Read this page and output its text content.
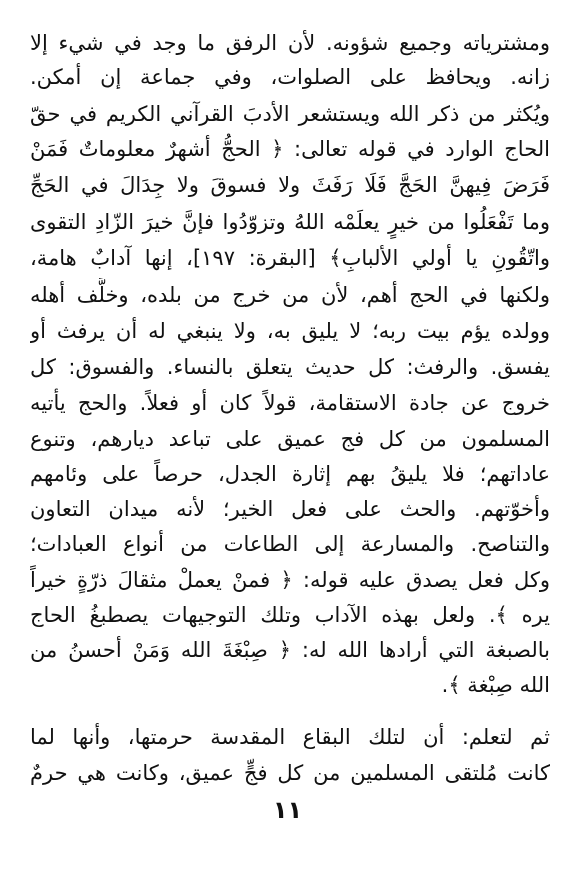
ومشترياته وجميع شؤونه. لأن الرفق ما وجد في شيء إلا
زانه. ويحافظ على الصلوات، وفي جماعة إن أمكن.
ويُكثر من ذكر الله ويستشعر الأدبَ القرآني الكريم في حقّ
الحاج الوارد في قوله تعالى: ﴿ الحجُّ أشهرٌ معلوماتٌ فَمَنْ
فَرَضَ فِيهنَّ الحَجَّ فَلَا رَفَثَ ولا فسوقَ ولا جِدَالَ في الحَجِّ
وما تَفْعَلُوا من خيرٍ يعلَمْه اللهُ وتزوّدُوا فإنَّ خيرَ الزّادِ التقوى
واتّقُونِ يا أولي الألبابِ﴾ [البقرة: ١٩٧]، إنها آدابٌ هامة،
ولكنها في الحج أهم، لأن من خرج من بلده، وخلَّف أهله
وولده يؤم بيت ربه؛ لا يليق به، ولا ينبغي له أن يرفث أو
يفسق. والرفث: كل حديث يتعلق بالنساء. والفسوق: كل
خروج عن جادة الاستقامة، قولاً كان أو فعلاً. والحج يأتيه
المسلمون من كل فج عميق على تباعد ديارهم، وتنوع
عاداتهم؛ فلا يليقُ بهم إثارة الجدل، حرصاً على وئامهم
وأخوّتهم. والحث على فعل الخير؛ لأنه ميدان التعاون
والتناصح. والمسارعة إلى الطاعات من أنواع العبادات؛
وكل فعل يصدق عليه قوله: ﴿ فمنْ يعملْ مثقالَ ذرّةٍ خيراً
يره ﴾. ولعل بهذه الآداب وتلك التوجيهات يصطبغُ الحاج
بالصبغة التي أرادها الله له: ﴿ صِبْغَةَ الله وَمَنْ أحسنُ من
الله صِبْغة ﴾.
ثم لتعلم: أن لتلك البقاع المقدسة حرمتها، وأنها لما
كانت مُلتقى المسلمين من كل فجٍّ عميق، وكانت هي حرمٌ
١١
